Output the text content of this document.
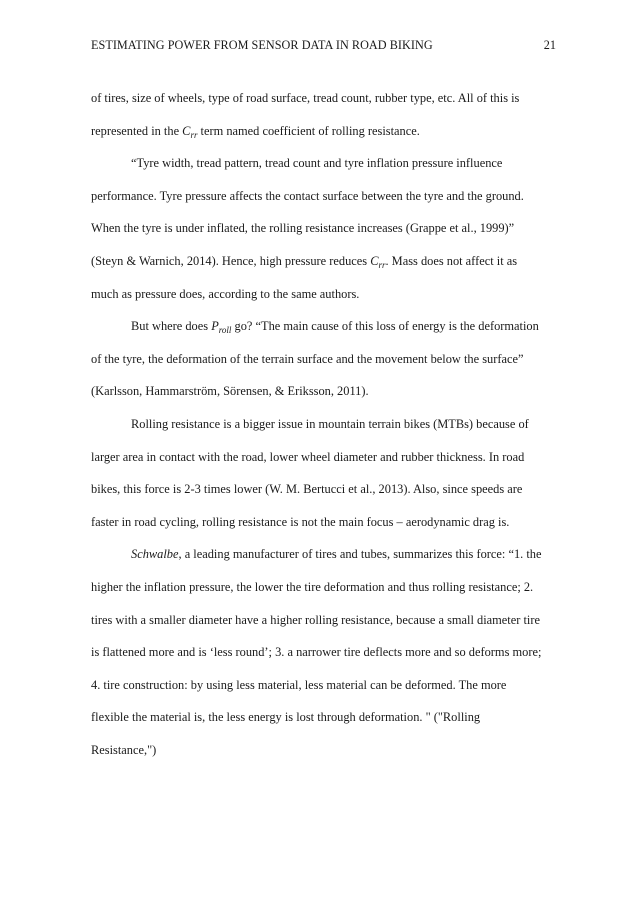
ESTIMATING POWER FROM SENSOR DATA IN ROAD BIKING	21
of tires, size of wheels, type of road surface, tread count, rubber type, etc. All of this is
represented in the $C_{rr}$ term named coefficient of rolling resistance.
“Tyre width, tread pattern, tread count and tyre inflation pressure influence
performance. Tyre pressure affects the contact surface between the tyre and the ground.
When the tyre is under inflated, the rolling resistance increases (Grappe et al., 1999)”
(Steyn & Warnich, 2014). Hence, high pressure reduces $C_{rr}$. Mass does not affect it as
much as pressure does, according to the same authors.
But where does $P_{roll}$ go? “The main cause of this loss of energy is the deformation
of the tyre, the deformation of the terrain surface and the movement below the surface”
(Karlsson, Hammarström, Sörensen, & Eriksson, 2011).
Rolling resistance is a bigger issue in mountain terrain bikes (MTBs) because of
larger area in contact with the road, lower wheel diameter and rubber thickness. In road
bikes, this force is 2-3 times lower (W. M. Bertucci et al., 2013). Also, since speeds are
faster in road cycling, rolling resistance is not the main focus – aerodynamic drag is.
Schwalbe, a leading manufacturer of tires and tubes, summarizes this force: “1. the
higher the inflation pressure, the lower the tire deformation and thus rolling resistance; 2.
tires with a smaller diameter have a higher rolling resistance, because a small diameter tire
is flattened more and is ‘less round’; 3. a narrower tire deflects more and so deforms more;
4. tire construction: by using less material, less material can be deformed. The more
flexible the material is, the less energy is lost through deformation. " ("Rolling
Resistance,")
